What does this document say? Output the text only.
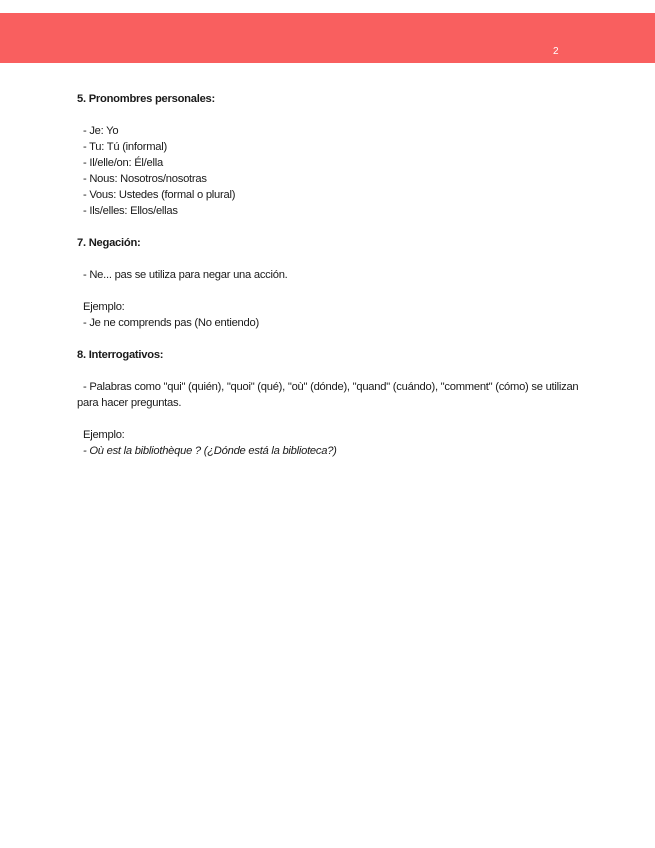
2

5. Pronombres personales:

- Je: Yo

- Tu: Tú (informal)

- Il/elle/on: Él/ella

- Nous: Nosotros/nosotras

- Vous: Ustedes (formal o plural)

- Ils/elles: Ellos/ellas

7. Negación:

- Ne... pas se utiliza para negar una acción.

Ejemplo:

- Je ne comprends pas (No entiendo)

8. Interrogativos:

- Palabras como "qui" (quién), "quoi" (qué), "où" (dónde), "quand" (cuándo), "comment" (cómo) se utilizan para hacer preguntas.

Ejemplo:

- Où est la bibliothèque ? (¿Dónde está la biblioteca?)
